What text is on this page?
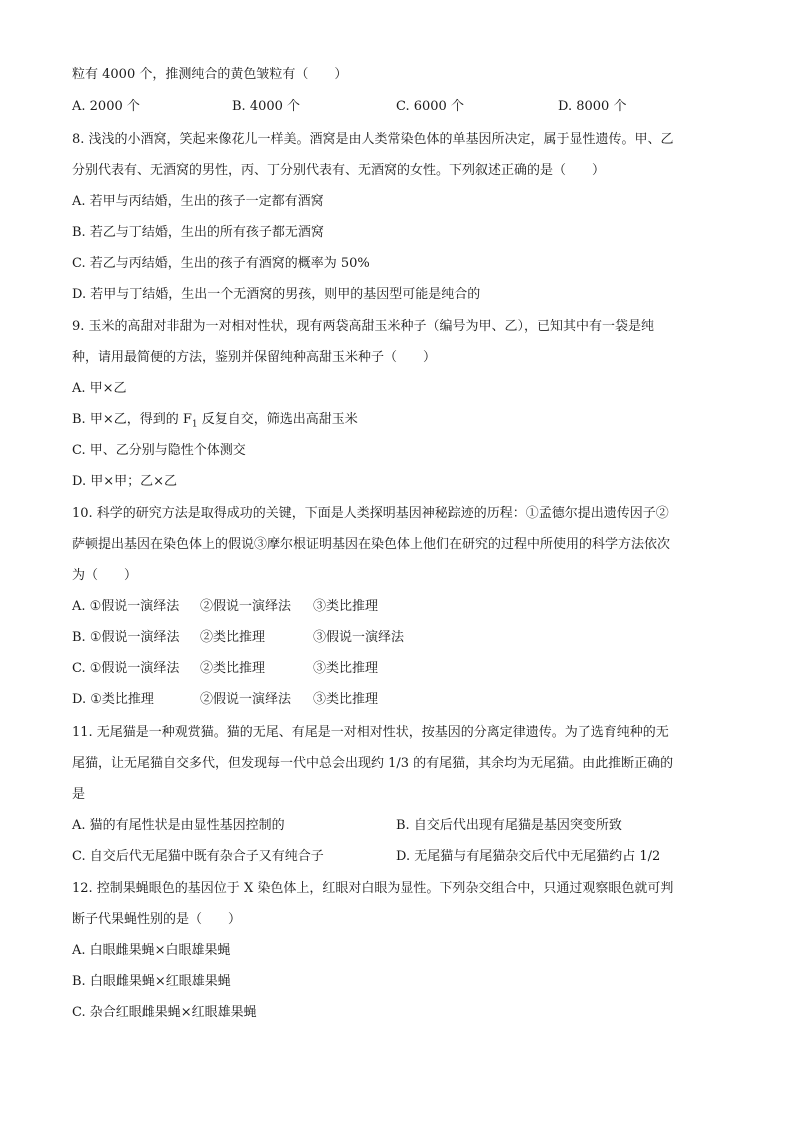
粒有 4000 个，推测纯合的黄色皱粒有（　　）
A. 2000 个	B. 4000 个	C. 6000 个	D. 8000 个
8. 浅浅的小酒窝，笑起来像花儿一样美。酒窝是由人类常染色体的单基因所决定，属于显性遗传。甲、乙
分别代表有、无酒窝的男性，丙、丁分别代表有、无酒窝的女性。下列叙述正确的是（　　）
A. 若甲与丙结婚，生出的孩子一定都有酒窝
B. 若乙与丁结婚，生出的所有孩子都无酒窝
C. 若乙与丙结婚，生出的孩子有酒窝的概率为 50%
D. 若甲与丁结婚，生出一个无酒窝的男孩，则甲的基因型可能是纯合的
9. 玉米的高甜对非甜为一对相对性状，现有两袋高甜玉米种子（编号为甲、乙），已知其中有一袋是纯
种，请用最简便的方法，鉴别并保留纯种高甜玉米种子（　　）
A. 甲×乙
B. 甲×乙，得到的 $F_1$ 反复自交，筛选出高甜玉米
C. 甲、乙分别与隐性个体测交
D. 甲×甲；乙×乙
10. 科学的研究方法是取得成功的关键，下面是人类探明基因神秘踪迹的历程：①孟德尔提出遗传因子②
萨顿提出基因在染色体上的假说③摩尔根证明基因在染色体上他们在研究的过程中所使用的科学方法依次
为（　　）
A. ①假说一演绎法 ②假说一演绎法 ③类比推理
B. ①假说一演绎法 ②类比推理	③假说一演绎法
C. ①假说一演绎法 ②类比推理	③类比推理
D. ①类比推理	②假说一演绎法 ③类比推理
11. 无尾猫是一种观赏猫。猫的无尾、有尾是一对相对性状，按基因的分离定律遗传。为了选育纯种的无
尾猫，让无尾猫自交多代，但发现每一代中总会出现约 1/3 的有尾猫，其余均为无尾猫。由此推断正确的
是
A. 猫的有尾性状是由显性基因控制的	B. 自交后代出现有尾猫是基因突变所致
C. 自交后代无尾猫中既有杂合子又有纯合子	D. 无尾猫与有尾猫杂交后代中无尾猫约占 1/2
12. 控制果蝇眼色的基因位于 X 染色体上，红眼对白眼为显性。下列杂交组合中，只通过观察眼色就可判
断子代果蝇性别的是（　　）
A. 白眼雌果蝇×白眼雄果蝇
B. 白眼雌果蝇×红眼雄果蝇
C. 杂合红眼雌果蝇×红眼雄果蝇
